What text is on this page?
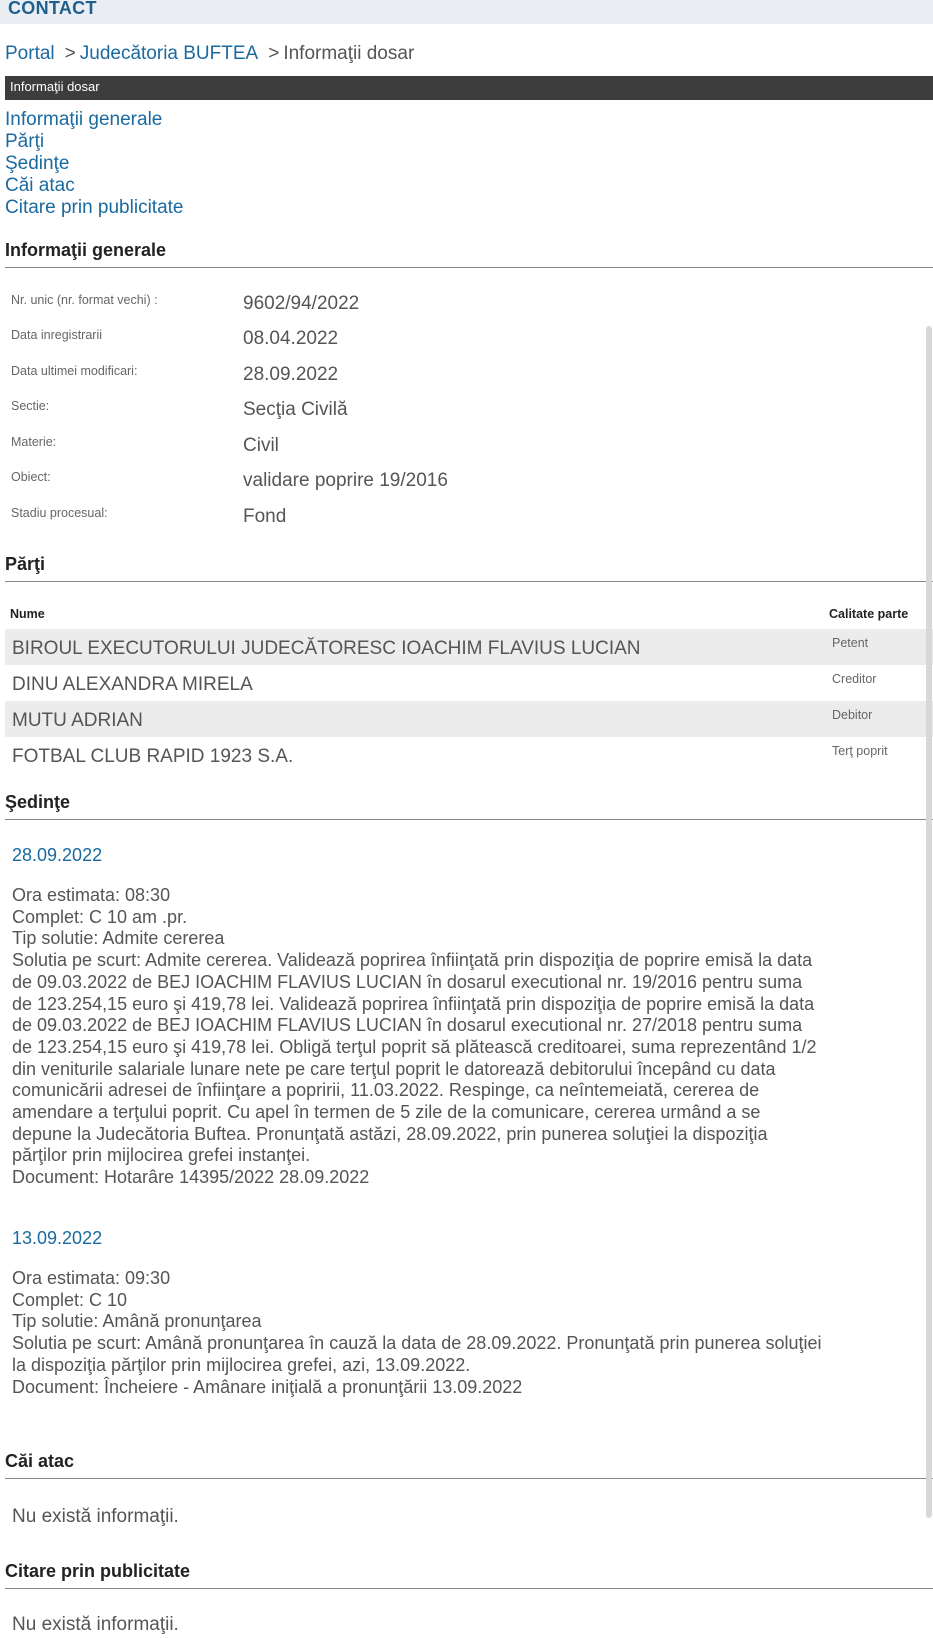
CONTACT
Portal > Judecătoria BUFTEA > Informaţii dosar
Informaţii dosar
Informaţii generale
Părţi
Şedinţe
Căi atac
Citare prin publicitate
Informaţii generale
Nr. unic (nr. format vechi) :	9602/94/2022
Data inregistrarii	08.04.2022
Data ultimei modificari:	28.09.2022
Sectie:	Secţia Civilă
Materie:	Civil
Obiect:	validare poprire 19/2016
Stadiu procesual:	Fond
Părţi
Nume	Calitate parte
BIROUL EXECUTORULUI JUDECĂTORESC IOACHIM FLAVIUS LUCIAN	Petent
DINU ALEXANDRA MIRELA	Creditor
MUTU ADRIAN	Debitor
FOTBAL CLUB RAPID 1923 S.A.	Terţ poprit
Şedinţe
28.09.2022
Ora estimata: 08:30
Complet: C 10 am .pr.
Tip solutie: Admite cererea
Solutia pe scurt: Admite cererea. Validează poprirea înfiinţată prin dispoziţia de poprire emisă la data
de 09.03.2022 de BEJ IOACHIM FLAVIUS LUCIAN în dosarul executional nr. 19/2016 pentru suma
de 123.254,15 euro şi 419,78 lei. Validează poprirea înfiinţată prin dispoziţia de poprire emisă la data
de 09.03.2022 de BEJ IOACHIM FLAVIUS LUCIAN în dosarul executional nr. 27/2018 pentru suma
de 123.254,15 euro şi 419,78 lei. Obligă terţul poprit să plătească creditoarei, suma reprezentând 1/2
din veniturile salariale lunare nete pe care terţul poprit le datorează debitorului începând cu data
comunicării adresei de înfiinţare a popririi, 11.03.2022. Respinge, ca neîntemeiată, cererea de
amendare a terţului poprit. Cu apel în termen de 5 zile de la comunicare, cererea urmând a se
depune la Judecătoria Buftea. Pronunţată astăzi, 28.09.2022, prin punerea soluţiei la dispoziţia
părţilor prin mijlocirea grefei instanţei.
Document: Hotarâre 14395/2022 28.09.2022
13.09.2022
Ora estimata: 09:30
Complet: C 10
Tip solutie: Amână pronunţarea
Solutia pe scurt: Amână pronunţarea în cauză la data de 28.09.2022. Pronunţată prin punerea soluţiei
la dispoziţia părţilor prin mijlocirea grefei, azi, 13.09.2022.
Document: Încheiere - Amânare iniţială a pronunţării 13.09.2022
Căi atac
Nu există informaţii.
Citare prin publicitate
Nu există informaţii.
